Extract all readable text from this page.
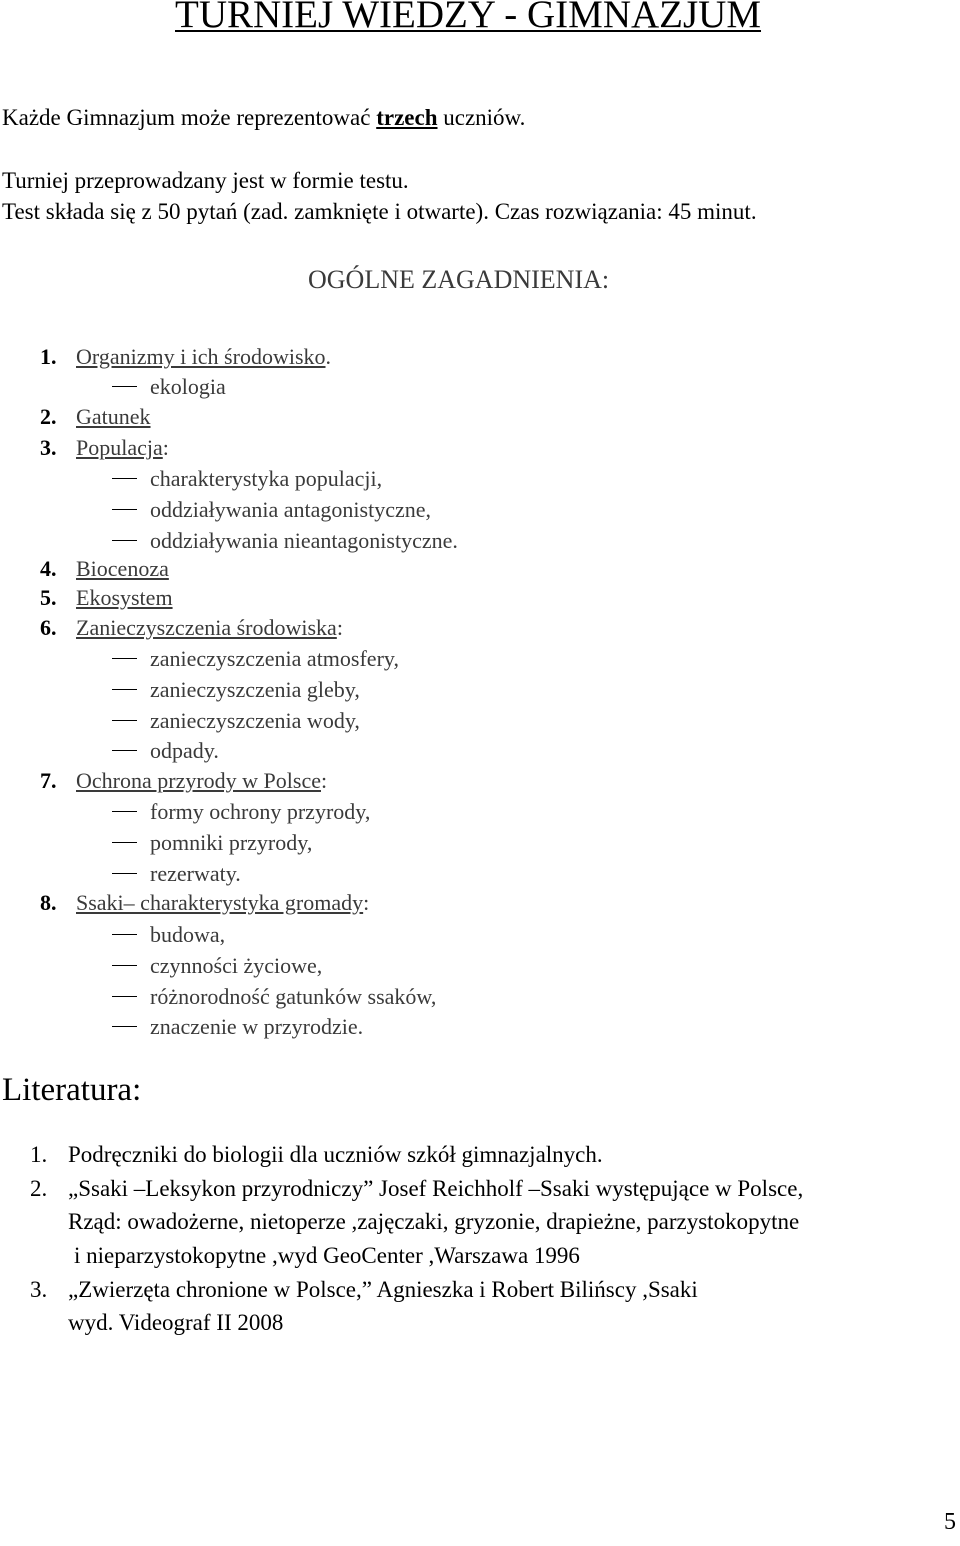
TURNIEJ WIEDZY - GIMNAZJUM
Każde Gimnazjum może reprezentować trzech uczniów.
Turniej przeprowadzany jest w formie testu.
Test składa się z 50 pytań (zad. zamknięte i otwarte). Czas rozwiązania: 45 minut.
OGÓLNE ZAGADNIENIA:
1. Organizmy i ich środowisko.
ekologia
2. Gatunek
3. Populacja:
charakterystyka populacji,
oddziaływania antagonistyczne,
oddziaływania nieantagonistyczne.
4. Biocenoza
5. Ekosystem
6. Zanieczyszczenia środowiska:
zanieczyszczenia atmosfery,
zanieczyszczenia gleby,
zanieczyszczenia wody,
odpady.
7. Ochrona przyrody w Polsce:
formy ochrony przyrody,
pomniki przyrody,
rezerwaty.
8. Ssaki– charakterystyka gromady:
budowa,
czynności życiowe,
różnorodność gatunków ssaków,
znaczenie w przyrodzie.
Literatura:
1. Podręczniki do biologii dla uczniów szkół gimnazjalnych.
2. „Ssaki –Leksykon przyrodniczy” Josef Reichholf –Ssaki występujące w Polsce,
Rząd: owadożerne, nietoperze ,zajęczaki, gryzonie, drapieżne, parzystokopytne
i nieparzystokopytne ,wyd GeoCenter ,Warszawa 1996
3. „Zwierzęta chronione w Polsce,” Agnieszka i Robert Bilińscy ,Ssaki
wyd. Videograf II 2008
5
